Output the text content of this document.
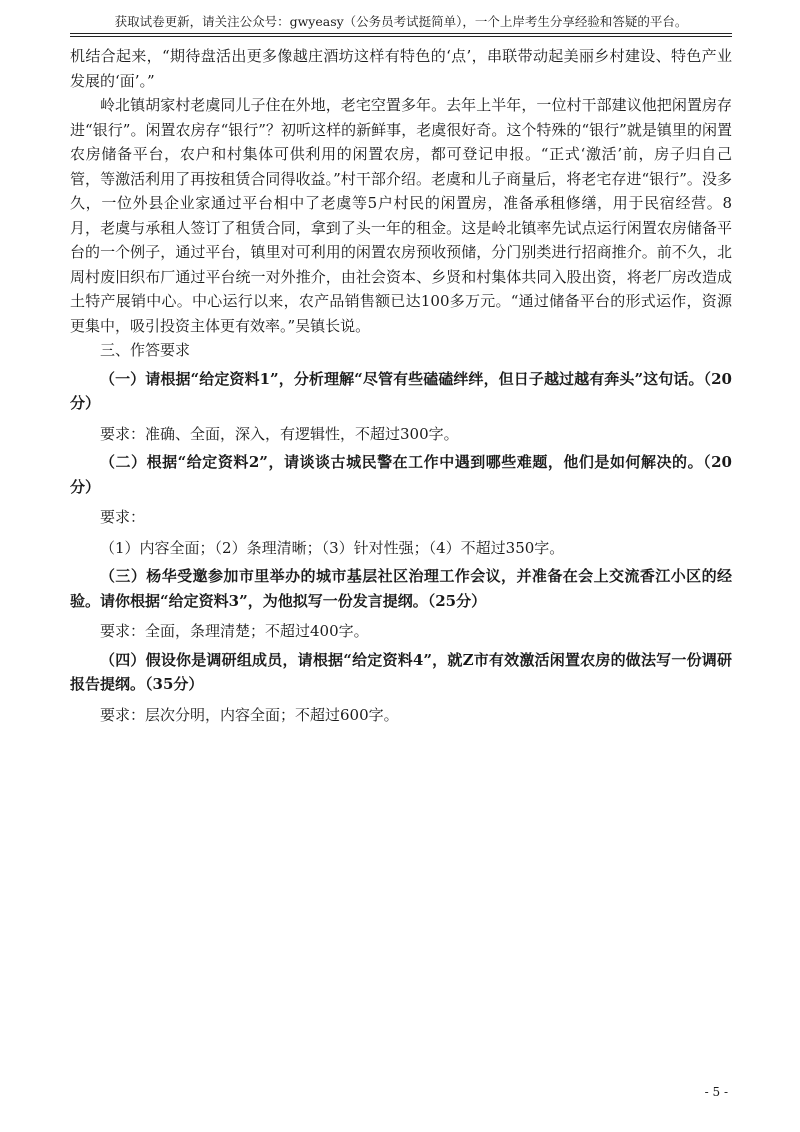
获取试卷更新，请关注公众号：gwyeasy（公务员考试挺简单），一个上岸考生分享经验和答疑的平台。

机结合起来，“期待盘活出更多像越庄酒坊这样有特色的‘点’，串联带动起美丽乡村建设、特色产业发展的‘面’。”

岭北镇胡家村老虞同儿子住在外地，老宅空置多年。去年上半年，一位村干部建议他把闲置房存进“银行”。闲置农房存“银行”？初听这样的新鲜事，老虞很好奇。这个特殊的“银行”就是镇里的闲置农房储备平台，农户和村集体可供利用的闲置农房，都可登记申报。“正式‘激活’前，房子归自己管，等激活利用了再按租赁合同得收益。”村干部介绍。老虞和儿子商量后，将老宅存进“银行”。没多久，一位外县企业家通过平台相中了老虞等5户村民的闲置房，准备承租修缮，用于民宿经营。8月，老虞与承租人签订了租赁合同，拿到了头一年的租金。这是岭北镇率先试点运行闲置农房储备平台的一个例子，通过平台，镇里对可利用的闲置农房预收预储，分门别类进行招商推介。前不久，北周村废旧织布厂通过平台统一对外推介，由社会资本、乡贤和村集体共同入股出资，将老厂房改造成土特产展销中心。中心运行以来，农产品销售额已达100多万元。“通过储备平台的形式运作，资源更集中，吸引投资主体更有效率。”吴镇长说。

三、作答要求

（一）请根据“给定资料1”，分析理解“尽管有些磕磕绊绊，但日子越过越有奔头”这句话。（20分）

要求：准确、全面，深入，有逻辑性，不超过300字。

（二）根据“给定资料2”，请谈谈古城民警在工作中遇到哪些难题，他们是如何解决的。（20分）

要求：

（1）内容全面；（2）条理清晰；（3）针对性强；（4）不超过350字。

（三）杨华受邀参加市里举办的城市基层社区治理工作会议，并准备在会上交流香江小区的经验。请你根据“给定资料3”，为他拟写一份发言提纲。（25分）

要求：全面，条理清楚；不超过400字。

（四）假设你是调研组成员，请根据“给定资料4”，就Z市有效激活闲置农房的做法写一份调研报告提纲。（35分）

要求：层次分明，内容全面；不超过600字。

- 5 -
